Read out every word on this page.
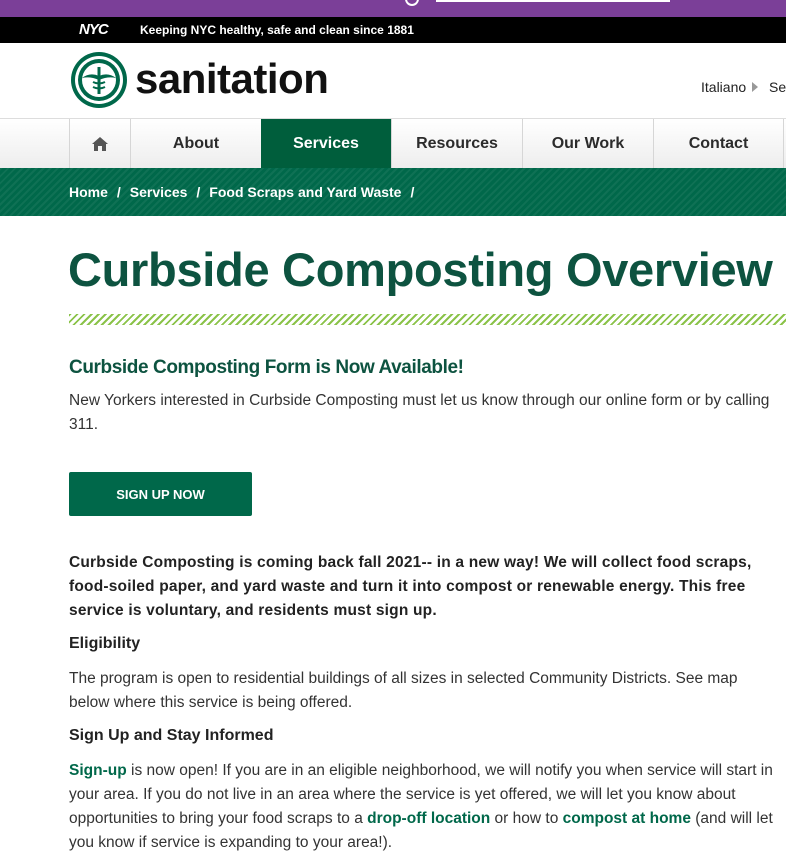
NYC	Keeping NYC healthy, safe and clean since 1881
sanitation	Italiano Se
About	Services	Resources	Our Work	Contact
Home / Services / Food Scraps and Yard Waste /
Curbside Composting Overview
Curbside Composting Form is Now Available!
New Yorkers interested in Curbside Composting must let us know through our online form or by calling 311.
SIGN UP NOW
Curbside Composting is coming back fall 2021-- in a new way! We will collect food scraps, food-soiled paper, and yard waste and turn it into compost or renewable energy. This free service is voluntary, and residents must sign up.
Eligibility
The program is open to residential buildings of all sizes in selected Community Districts. See map below where this service is being offered.
Sign Up and Stay Informed
Sign-up is now open! If you are in an eligible neighborhood, we will notify you when service will start in your area. If you do not live in an area where the service is yet offered, we will let you know about opportunities to bring your food scraps to a drop-off location or how to compost at home (and will let you know if service is expanding to your area!).
